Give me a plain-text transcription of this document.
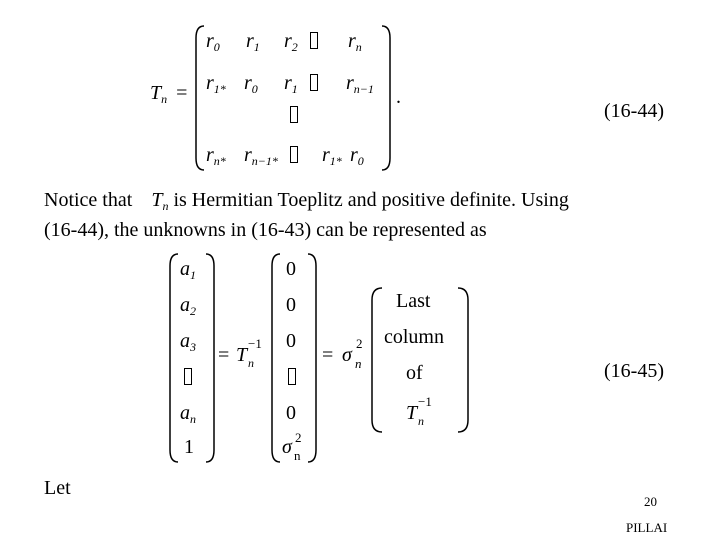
$T_n$ =
$r_0$ $r_1$ $r_2$	$r_n$
$r_{1*}$ $r_0$ $r_1$ $r_{n-1}$
$r_{n*}$ $r_{n-1*}$ $r_{1*}$ $r_0$
.
(16-44)
Notice that $T_n$ is Hermitian Toeplitz and positive definite. Using
(16-44), the unknowns in (16-43) can be represented as
$a_1$
$a_2$
$a_3$
$a_n$
1
= T n
−1
0
0
0
0
σ 2
n
= σ
2
n
Last
column
of
T n
−1
(16-45)
Let
20
PILLAI
